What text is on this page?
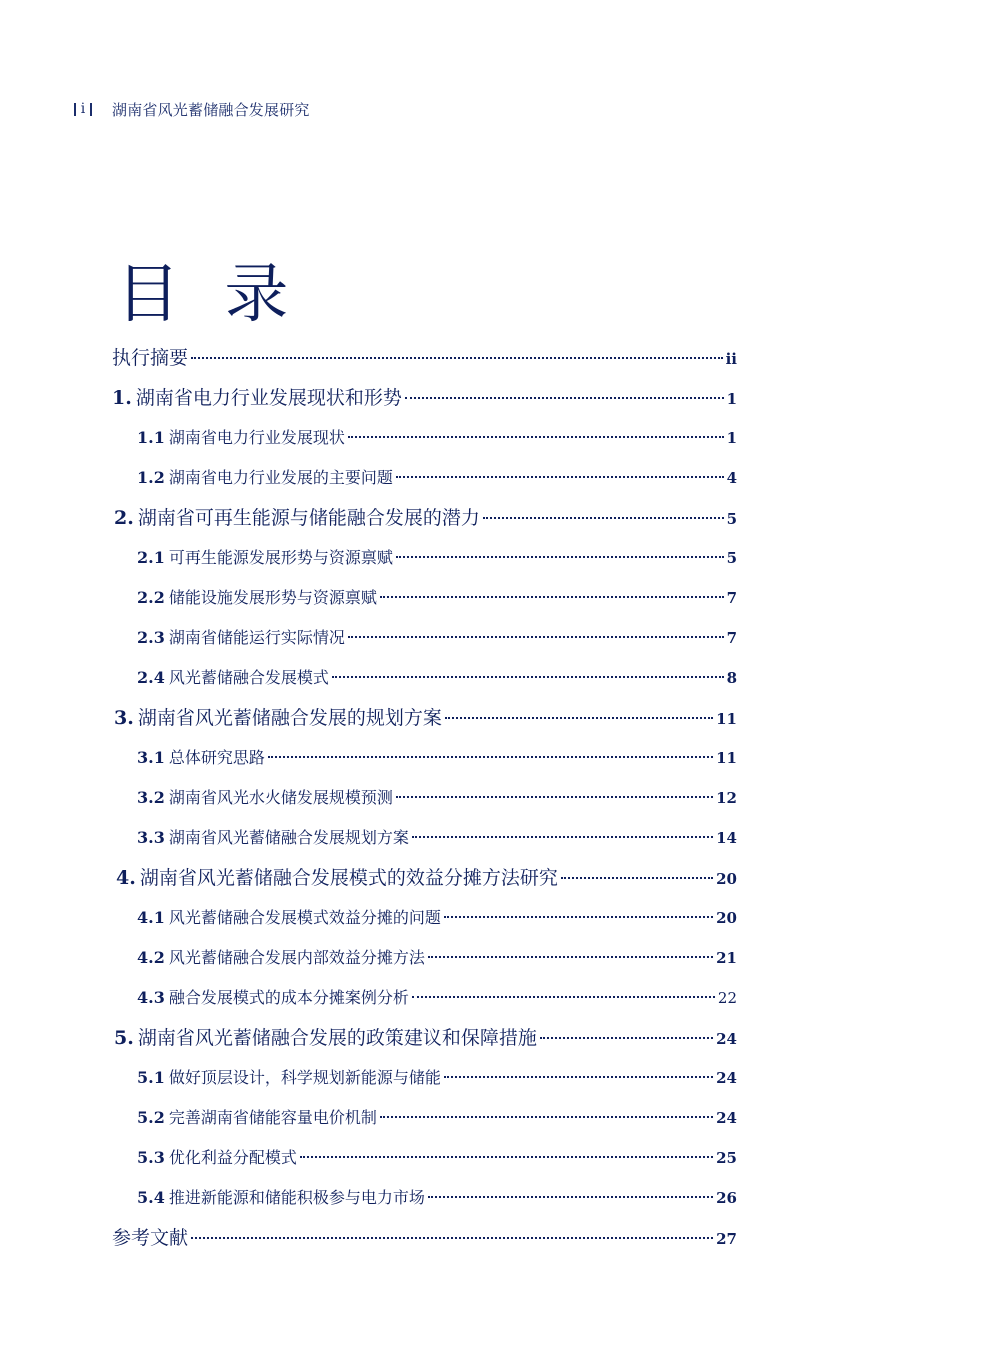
i	湖南省风光蓄储融合发展研究
目 录
执行摘要	ii
1. 湖南省电力行业发展现状和形势	1
1.1 湖南省电力行业发展现状	1
1.2 湖南省电力行业发展的主要问题	4
2. 湖南省可再生能源与储能融合发展的潜力	5
2.1 可再生能源发展形势与资源禀赋	5
2.2 储能设施发展形势与资源禀赋	7
2.3 湖南省储能运行实际情况	7
2.4 风光蓄储融合发展模式	8
3. 湖南省风光蓄储融合发展的规划方案	11
3.1 总体研究思路	11
3.2 湖南省风光水火储发展规模预测	12
3.3 湖南省风光蓄储融合发展规划方案	14
4. 湖南省风光蓄储融合发展模式的效益分摊方法研究	20
4.1 风光蓄储融合发展模式效益分摊的问题	20
4.2 风光蓄储融合发展内部效益分摊方法	21
4.3 融合发展模式的成本分摊案例分析	22
5. 湖南省风光蓄储融合发展的政策建议和保障措施	24
5.1 做好顶层设计，科学规划新能源与储能	24
5.2 完善湖南省储能容量电价机制	24
5.3 优化利益分配模式	25
5.4 推进新能源和储能积极参与电力市场	26
参考文献	27
